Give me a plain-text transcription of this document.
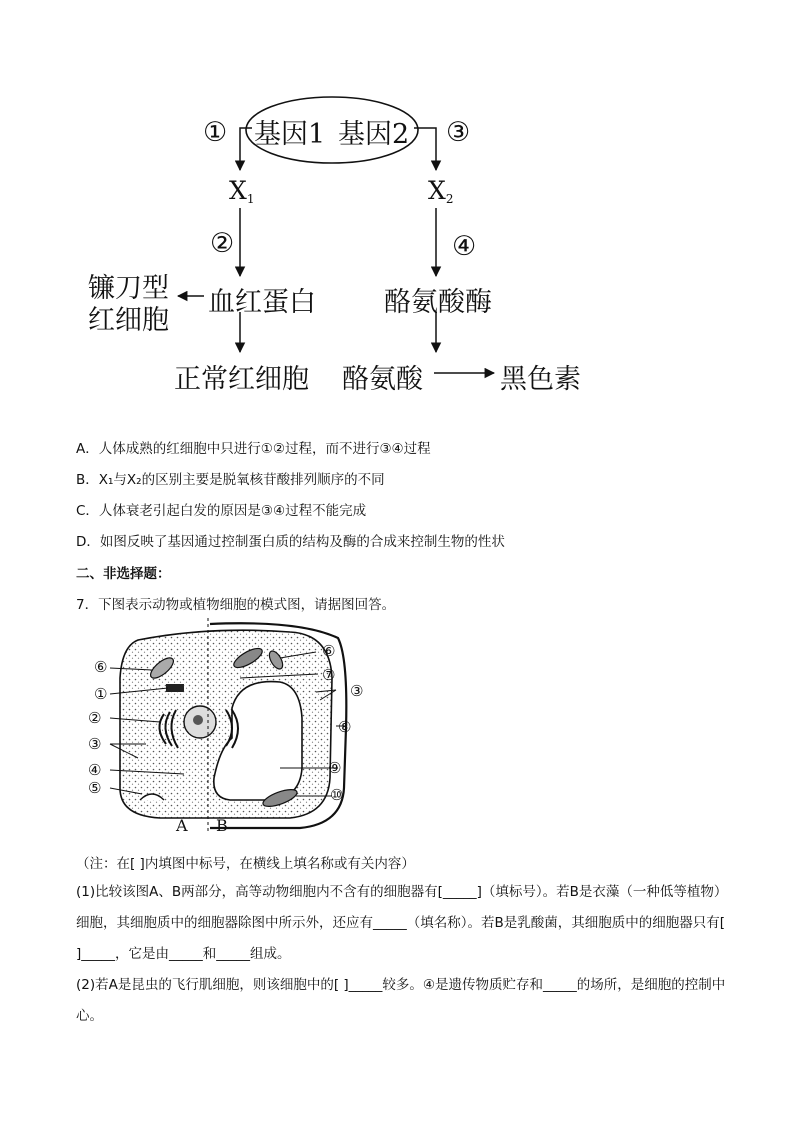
基因1 基因2
①	③
②	④
$X_1$	$X_2$
血红蛋白
镰刀型
红细胞
酪氨酸酶
正常红细胞 酪氨酸	黑色素
A．人体成熟的红细胞中只进行①②过程，而不进行③④过程
B．X₁与X₂的区别主要是脱氧核苷酸排列顺序的不同
C．人体衰老引起白发的原因是③④过程不能完成
D．如图反映了基因通过控制蛋白质的结构及酶的合成来控制生物的性状
二、非选择题：
7．下图表示动物或植物细胞的模式图，请据图回答。
⑥
①
②
③
④
⑤
⑥
⑦
③
⑧
⑨
⑩
A B
（注：在[ ]内填图中标号，在横线上填名称或有关内容）
(1)比较该图A、B两部分，高等动物细胞内不含有的细胞器有[_____]（填标号）。若B是衣藻（一种低等植物）细胞，其细胞质中的细胞器除图中所示外，还应有_____（填名称）。若B是乳酸菌，其细胞质中的细胞器只有[ ]_____，它是由_____和_____组成。
(2)若A是昆虫的飞行肌细胞，则该细胞中的[ ]_____较多。④是遗传物质贮存和_____的场所，是细胞的控制中心。
